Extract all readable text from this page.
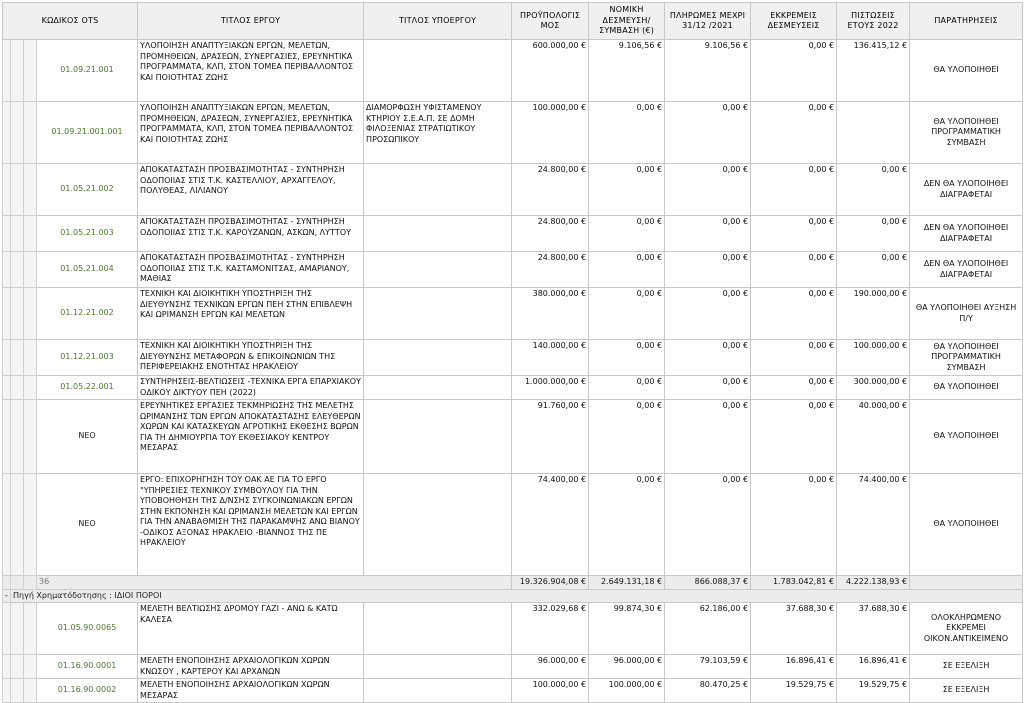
ΚΩΔΙΚΟΣ OTS				ΤΙΤΛΟΣ ΕΡΓΟΥ	ΤΙΤΛΟΣ ΥΠΟΕΡΓΟΥ	ΠΡΟΫΠΟΛΟΓΙΣ ΜΟΣ	ΝΟΜΙΚΗ ΔΕΣΜΕΥΣΗ/ ΣΥΜΒΑΣΗ (€)	ΠΛΗΡΩΜΕΣ ΜΕΧΡΙ 31/12 /2021	ΕΚΚΡΕΜΕΙΣ ΔΕΣΜΕΥΣΕΙΣ	ΠΙΣΤΩΣΕΙΣ ΕΤΟΥΣ 2022	ΠΑΡΑΤΗΡΗΣΕΙΣ
			01.09.21.001	ΥΛΟΠΟΙΗΣΗ ΑΝΑΠΤΥΞΙΑΚΩΝ ΕΡΓΩΝ, ΜΕΛΕΤΩΝ, ΠΡΟΜΗΘΕΙΩΝ, ΔΡΑΣΕΩΝ, ΣΥΝΕΡΓΑΣΙΕΣ, ΕΡΕΥΝΗΤΙΚΑ ΠΡΟΓΡΑΜΜΑΤΑ, ΚΛΠ, ΣΤΟΝ ΤΟΜΕΑ ΠΕΡΙΒΑΛΛΟΝΤΟΣ ΚΑΙ ΠΟΙΟΤΗΤΑΣ ΖΩΗΣ		600.000,00 €	9.106,56 €	9.106,56 €	0,00 €	136.415,12 €	ΘΑ ΥΛΟΠΟΙΗΘΕΙ
			01.09.21.001.001	ΥΛΟΠΟΙΗΣΗ ΑΝΑΠΤΥΞΙΑΚΩΝ ΕΡΓΩΝ, ΜΕΛΕΤΩΝ, ΠΡΟΜΗΘΕΙΩΝ, ΔΡΑΣΕΩΝ, ΣΥΝΕΡΓΑΣΙΕΣ, ΕΡΕΥΝΗΤΙΚΑ ΠΡΟΓΡΑΜΜΑΤΑ, ΚΛΠ, ΣΤΟΝ ΤΟΜΕΑ ΠΕΡΙΒΑΛΛΟΝΤΟΣ ΚΑΙ ΠΟΙΟΤΗΤΑΣ ΖΩΗΣ	ΔΙΑΜΟΡΦΩΣΗ ΥΦΙΣΤΑΜΕΝΟΥ ΚΤΗΡΙΟΥ Σ.Ε.Α.Π. ΣΕ ΔΟΜΗ ΦΙΛΟΞΕΝΙΑΣ ΣΤΡΑΤΙΩΤΙΚΟΥ ΠΡΟΣΩΠΙΚΟΥ	100.000,00 €	0,00 €	0,00 €	0,00 €		ΘΑ ΥΛΟΠΟΙΗΘΕΙ ΠΡΟΓΡΑΜΜΑΤΙΚΗ ΣΥΜΒΑΣΗ
			01.05.21.002	ΑΠΟΚΑΤΑΣΤΑΣΗ ΠΡΟΣΒΑΣΙΜΟΤΗΤΑΣ - ΣΥΝΤΗΡΗΣΗ ΟΔΟΠΟΙΙΑΣ ΣΤΙΣ Τ.Κ. ΚΑΣΤΕΛΛΙΟΥ, ΑΡΧΑΓΓΕΛΟΥ, ΠΟΛΥΘΕΑΣ, ΛΙΛΙΑΝΟΥ		24.800,00 €	0,00 €	0,00 €	0,00 €	0,00 €	ΔΕΝ ΘΑ ΥΛΟΠΟΙΗΘΕΙ ΔΙΑΓΡΑΦΕΤΑΙ
			01.05.21.003	ΑΠΟΚΑΤΑΣΤΑΣΗ ΠΡΟΣΒΑΣΙΜΟΤΗΤΑΣ - ΣΥΝΤΗΡΗΣΗ ΟΔΟΠΟΙΙΑΣ ΣΤΙΣ Τ.Κ. ΚΑΡΟΥΖΑΝΩΝ, ΑΣΚΩΝ, ΛΥΤΤΟΥ		24.800,00 €	0,00 €	0,00 €	0,00 €	0,00 €	ΔΕΝ ΘΑ ΥΛΟΠΟΙΗΘΕΙ ΔΙΑΓΡΑΦΕΤΑΙ
			01.05.21.004	ΑΠΟΚΑΤΑΣΤΑΣΗ ΠΡΟΣΒΑΣΙΜΟΤΗΤΑΣ - ΣΥΝΤΗΡΗΣΗ ΟΔΟΠΟΙΙΑΣ ΣΤΙΣ Τ.Κ. ΚΑΣΤΑΜΟΝΙΤΣΑΣ, ΑΜΑΡΙΑΝΟΥ, ΜΑΘΙΑΣ		24.800,00 €	0,00 €	0,00 €	0,00 €	0,00 €	ΔΕΝ ΘΑ ΥΛΟΠΟΙΗΘΕΙ ΔΙΑΓΡΑΦΕΤΑΙ
			01.12.21.002	ΤΕΧΝΙΚΗ ΚΑΙ ΔΙΟΙΚΗΤΙΚΗ ΥΠΟΣΤΗΡΙΞΗ ΤΗΣ ΔΙΕΥΘΥΝΣΗΣ ΤΕΧΝΙΚΩΝ ΕΡΓΩΝ ΠΕΗ ΣΤΗΝ ΕΠΙΒΛΕΨΗ ΚΑΙ ΩΡΙΜΑΝΣΗ ΕΡΓΩΝ ΚΑΙ ΜΕΛΕΤΩΝ		380.000,00 €	0,00 €	0,00 €	0,00 €	190.000,00 €	ΘΑ ΥΛΟΠΟΙΗΘΕΙ ΑΥΞΗΣΗ Π/Υ
			01.12.21.003	ΤΕΧΝΙΚΗ ΚΑΙ ΔΙΟΙΚΗΤΙΚΗ ΥΠΟΣΤΗΡΙΞΗ ΤΗΣ ΔΙΕΥΘΥΝΣΗΣ ΜΕΤΑΦΟΡΩΝ & ΕΠΙΚΟΙΝΩΝΙΩΝ ΤΗΣ ΠΕΡΙΦΕΡΕΙΑΚΗΣ ΕΝΟΤΗΤΑΣ ΗΡΑΚΛΕΙΟΥ		140.000,00 €	0,00 €	0,00 €	0,00 €	100.000,00 €	ΘΑ ΥΛΟΠΟΙΗΘΕΙ ΠΡΟΓΡΑΜΜΑΤΙΚΗ ΣΥΜΒΑΣΗ
			01.05.22.001	ΣΥΝΤΗΡΗΣΕΙΣ-ΒΕΛΤΙΩΣΕΙΣ -ΤΕΧΝΙΚΑ ΕΡΓΑ ΕΠΑΡΧΙΑΚΟΥ ΟΔΙΚΟΥ ΔΙΚΤΥΟΥ ΠΕΗ (2022)		1.000.000,00 €	0,00 €	0,00 €	0,00 €	300.000,00 €	ΘΑ ΥΛΟΠΟΙΗΘΕΙ
			ΝΕΟ	ΕΡΕΥΝΗΤΙΚΕΣ ΕΡΓΑΣΙΕΣ ΤΕΚΜΗΡΙΩΣΗΣ ΤΗΣ ΜΕΛΕΤΗΣ ΩΡΙΜΑΝΣΗΣ ΤΩΝ ΕΡΓΩΝ ΑΠΟΚΑΤΑΣΤΑΣΗΣ ΕΛΕΥΘΕΡΩΝ ΧΩΡΩΝ ΚΑΙ ΚΑΤΑΣΚΕΥΩΝ ΑΓΡΟΤΙΚΗΣ ΕΚΘΕΣΗΣ ΒΩΡΩΝ ΓΙΑ ΤΗ ΔΗΜΙΟΥΡΓΙΑ ΤΟΥ ΕΚΘΕΣΙΑΚΟΥ ΚΕΝΤΡΟΥ ΜΕΣΑΡΑΣ		91.760,00 €	0,00 €	0,00 €	0,00 €	40.000,00 €	ΘΑ ΥΛΟΠΟΙΗΘΕΙ
			ΝΕΟ	ΕΡΓΟ: ΕΠΙΧΟΡΗΓΗΣΗ ΤΟΥ ΟΑΚ ΑΕ ΓΙΑ ΤΟ ΕΡΓΟ "ΥΠΗΡΕΣΙΕΣ ΤΕΧΝΙΚΟΥ ΣΥΜΒΟΥΛΟΥ ΓΙΑ ΤΗΝ ΥΠΟΒΟΗΘΗΣΗ ΤΗΣ Δ/ΝΣΗΣ ΣΥΓΚΟΙΝΩΝΙΑΚΩΝ ΕΡΓΩΝ ΣΤΗΝ ΕΚΠΟΝΗΣΗ ΚΑΙ ΩΡΙΜΑΝΣΗ ΜΕΛΕΤΩΝ ΚΑΙ ΕΡΓΩΝ ΓΙΑ ΤΗΝ ΑΝΑΒΑΘΜΙΣΗ ΤΗΣ ΠΑΡΑΚΑΜΨΗΣ ΑΝΩ ΒΙΑΝΟΥ -ΟΔΙΚΟΣ ΑΞΟΝΑΣ ΗΡΑΚΛΕΙΟ -ΒΙΑΝΝΟΣ ΤΗΣ ΠΕ ΗΡΑΚΛΕΙΟΥ		74.400,00 €	0,00 €	0,00 €	0,00 €	74.400,00 €	ΘΑ ΥΛΟΠΟΙΗΘΕΙ
			36			19.326.904,08 €	2.649.131,18 €	866.088,37 €	1.783.042,81 €	4.222.138,93 €	
-	Πηγή Χρηματόδοτησης : ΙΔΙΟΙ ΠΟΡΟΙ										
			01.05.90.0065	ΜΕΛΕΤΗ ΒΕΛΤΙΩΣΗΣ ΔΡΟΜΟΥ ΓΑΖΙ - ΑΝΩ & ΚΑΤΩ ΚΑΛΕΣΑ		332.029,68 €	99.874,30 €	62.186,00 €	37.688,30 €	37.688,30 €	ΟΛΟΚΛΗΡΩΜΕΝΟ ΕΚΚΡΕΜΕΙ ΟΙΚΟΝ.ΑΝΤΙΚΕΙΜΕΝΟ
			01.16.90.0001	ΜΕΛΕΤΗ ΕΝΟΠΟΙΗΣΗΣ ΑΡΧΑΙΟΛΟΓΙΚΩΝ ΧΩΡΩΝ ΚΝΩΣΟΥ , ΚΑΡΤΕΡΟΥ ΚΑΙ ΑΡΧΑΝΩΝ		96.000,00 €	96.000,00 €	79.103,59 €	16.896,41 €	16.896,41 €	ΣΕ ΕΞΕΛΙΞΗ
			01.16.90.0002	ΜΕΛΕΤΗ ΕΝΟΠΟΙΗΣΗΣ ΑΡΧΑΙΟΛΟΓΙΚΩΝ ΧΩΡΩΝ ΜΕΣΑΡΑΣ		100.000,00 €	100.000,00 €	80.470,25 €	19.529,75 €	19.529,75 €	ΣΕ ΕΞΕΛΙΞΗ
